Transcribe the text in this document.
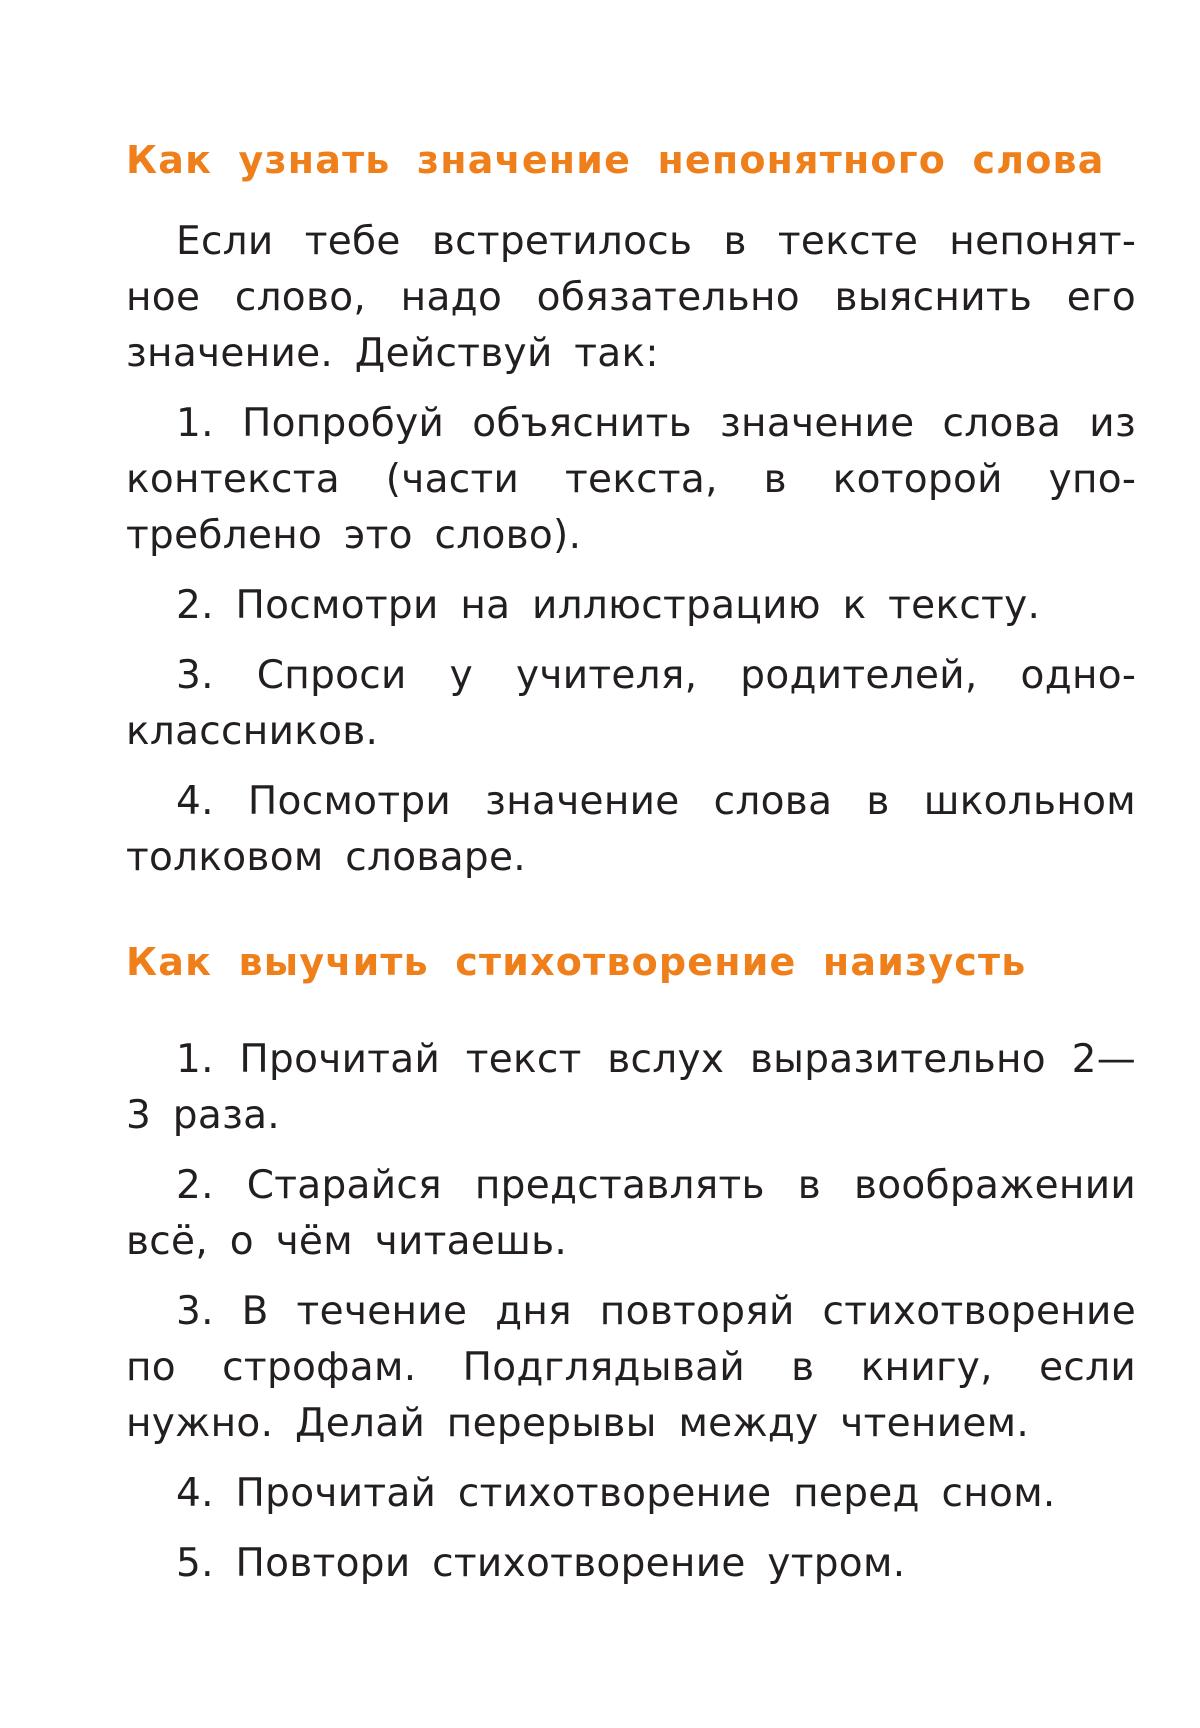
Как узнать значение непонятного слова

Если тебе встретилось в тексте непонятное слово, надо обязательно выяснить его значение. Действуй так:

1. Попробуй объяснить значение слова из контекста (части текста, в которой употреблено это слово).

2. Посмотри на иллюстрацию к тексту.

3. Спроси у учителя, родителей, одноклассников.

4. Посмотри значение слова в школьном толковом словаре.

Как выучить стихотворение наизусть

1. Прочитай текст вслух выразительно 2—3 раза.

2. Старайся представлять в воображении всё, о чём читаешь.

3. В течение дня повторяй стихотворение по строфам. Подглядывай в книгу, если нужно. Делай перерывы между чтением.

4. Прочитай стихотворение перед сном.

5. Повтори стихотворение утром.
